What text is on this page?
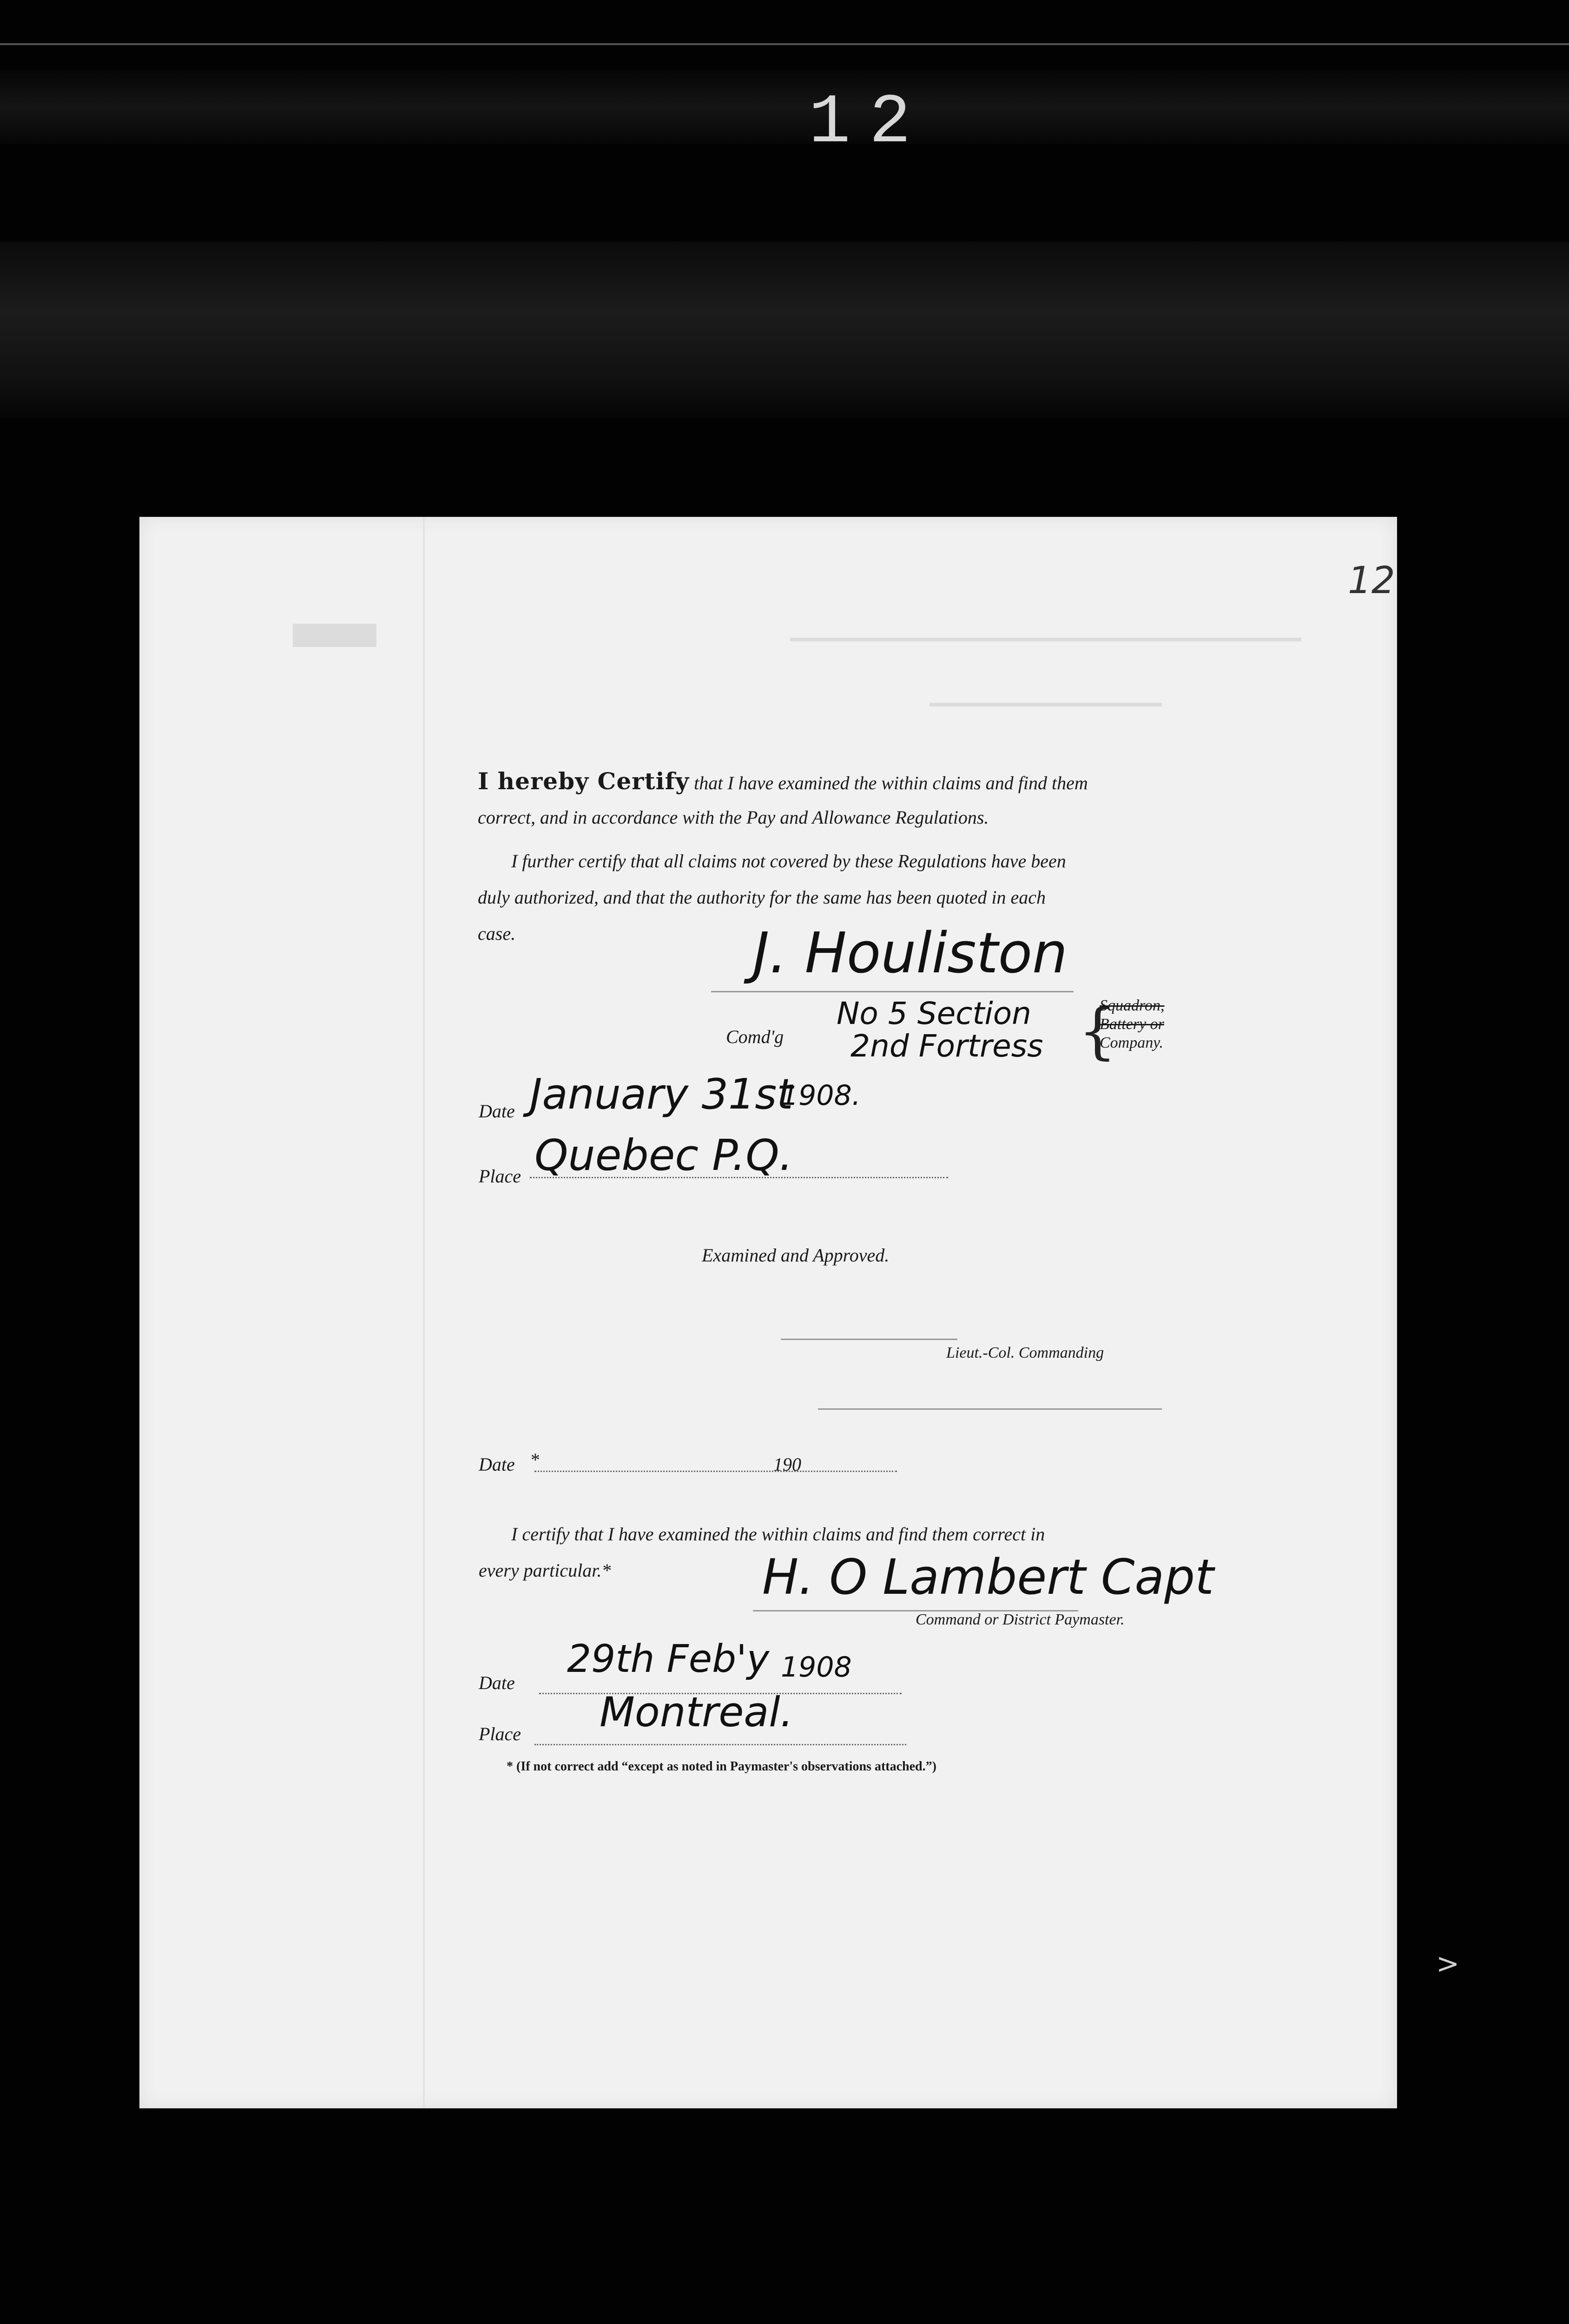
12
12
I hereby Certify that I have examined the within claims and find them
correct, and in accordance with the Pay and Allowance Regulations.
I further certify that all claims not covered by these Regulations have been
duly authorized, and that the authority for the same has been quoted in each
case.	J. Houliston
Comd'g
No 5 Section
2nd Fortress {
Squadron,
Battery or
Company.
Date January 31st
1908.
Place Quebec P.Q.
Examined and Approved.
Lieut.-Col. Commanding
Date *	190
I certify that I have examined the within claims and find them correct in
every particular.*	H. O Lambert Capt
Command or District Paymaster.
Date
29th Feb'y 1908
Place Montreal.
* (If not correct add “except as noted in Paymaster's observations attached.”)
>
